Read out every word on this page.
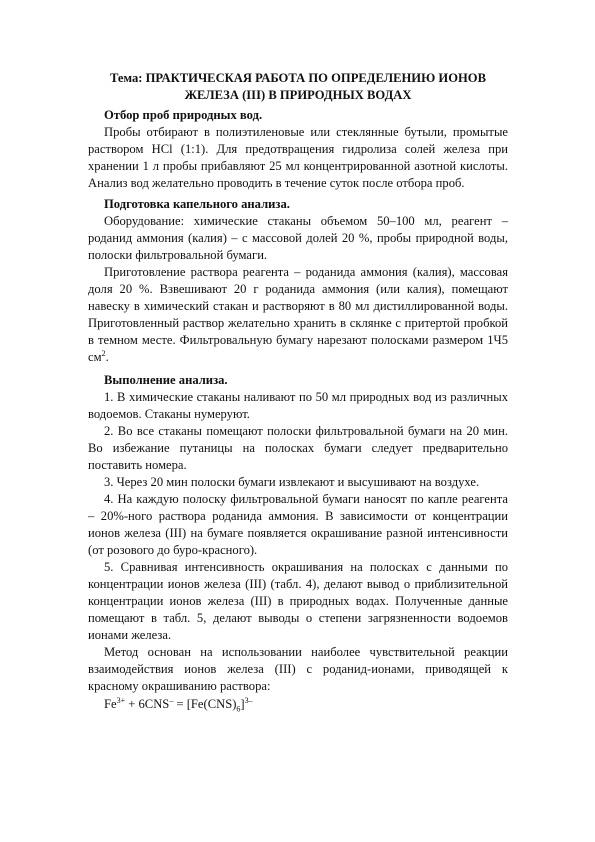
Тема: ПРАКТИЧЕСКАЯ РАБОТА ПО ОПРЕДЕЛЕНИЮ ИОНОВ
ЖЕЛЕЗА (III) В ПРИРОДНЫХ ВОДАХ

Отбор проб природных вод.

Пробы отбирают в полиэтиленовые или стеклянные бутыли, промытые раствором HCl (1:1). Для предотвращения гидролиза солей железа при хранении 1 л пробы прибавляют 25 мл концентрированной азотной кислоты. Анализ вод желательно проводить в течение суток после отбора проб.

Подготовка капельного анализа.

Оборудование: химические стаканы объемом 50–100 мл, реагент – роданид аммония (калия) – с массовой долей 20 %, пробы природной воды, полоски фильтровальной бумаги.

Приготовление раствора реагента – роданида аммония (калия), массовая доля 20 %. Взвешивают 20 г роданида аммония (или калия), помещают навеску в химический стакан и растворяют в 80 мл дистиллированной воды. Приготовленный раствор желательно хранить в склянке с притертой пробкой в темном месте. Фильтровальную бумагу нарезают полосками размером 1Ч5 $см^2$.

Выполнение анализа.

1. В химические стаканы наливают по 50 мл природных вод из различных водоемов. Стаканы нумеруют.

2. Во все стаканы помещают полоски фильтровальной бумаги на 20 мин. Во избежание путаницы на полосках бумаги следует предварительно поставить номера.

3. Через 20 мин полоски бумаги извлекают и высушивают на воздухе.

4. На каждую полоску фильтровальной бумаги наносят по капле реагента – 20%-ного раствора роданида аммония. В зависимости от концентрации ионов железа (III) на бумаге появляется окрашивание разной интенсивности (от розового до буро-красного).

5. Сравнивая интенсивность окрашивания на полосках с данными по концентрации ионов железа (III) (табл. 4), делают вывод о приблизительной концентрации ионов железа (III) в природных водах. Полученные данные помещают в табл. 5, делают выводы о степени загрязненности водоемов ионами железа.

Метод основан на использовании наиболее чувствительной реакции взаимодействия ионов железа (III) с роданид-ионами, приводящей к красному окрашиванию раствора:

$Fe^{3+} + 6CNS^- = [Fe(CNS)_6]^{3-}$
